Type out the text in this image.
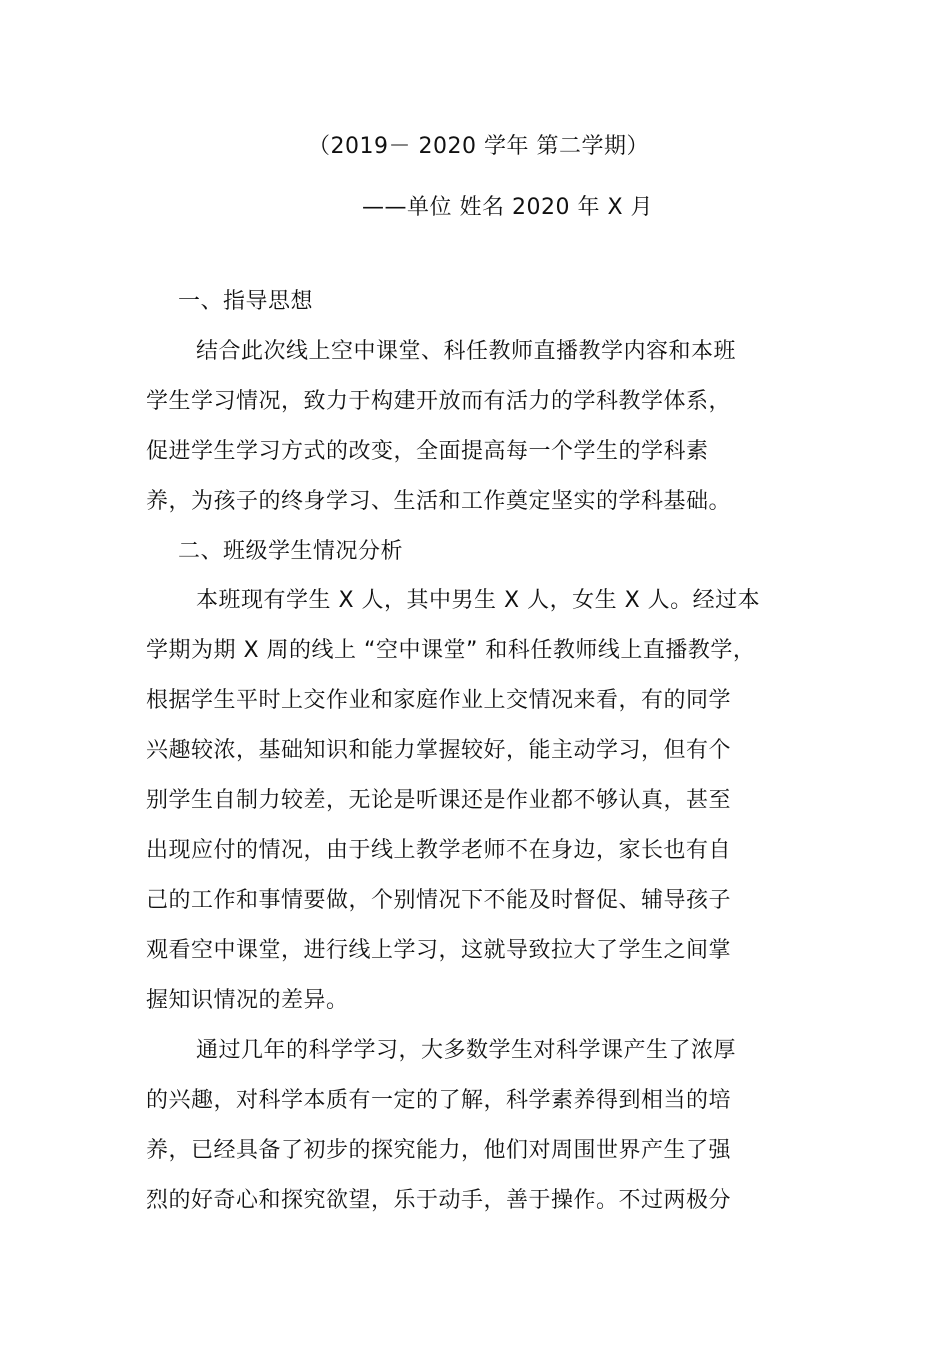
（2019－ 2020 学年 第二学期）
——单位 姓名 2020 年 X 月
一、指导思想
结合此次线上空中课堂、科任教师直播教学内容和本班
学生学习情况，致力于构建开放而有活力的学科教学体系，
促进学生学习方式的改变，全面提高每一个学生的学科素
养，为孩子的终身学习、生活和工作奠定坚实的学科基础。
二、班级学生情况分析
本班现有学生 X 人，其中男生 X 人，女生 X 人。经过本
学期为期 X 周的线上 “空中课堂” 和科任教师线上直播教学，
根据学生平时上交作业和家庭作业上交情况来看，有的同学
兴趣较浓，基础知识和能力掌握较好，能主动学习，但有个
别学生自制力较差，无论是听课还是作业都不够认真，甚至
出现应付的情况，由于线上教学老师不在身边，家长也有自
己的工作和事情要做，个别情况下不能及时督促、辅导孩子
观看空中课堂，进行线上学习，这就导致拉大了学生之间掌
握知识情况的差异。
通过几年的科学学习，大多数学生对科学课产生了浓厚
的兴趣，对科学本质有一定的了解，科学素养得到相当的培
养，已经具备了初步的探究能力，他们对周围世界产生了强
烈的好奇心和探究欲望，乐于动手，善于操作。不过两极分
